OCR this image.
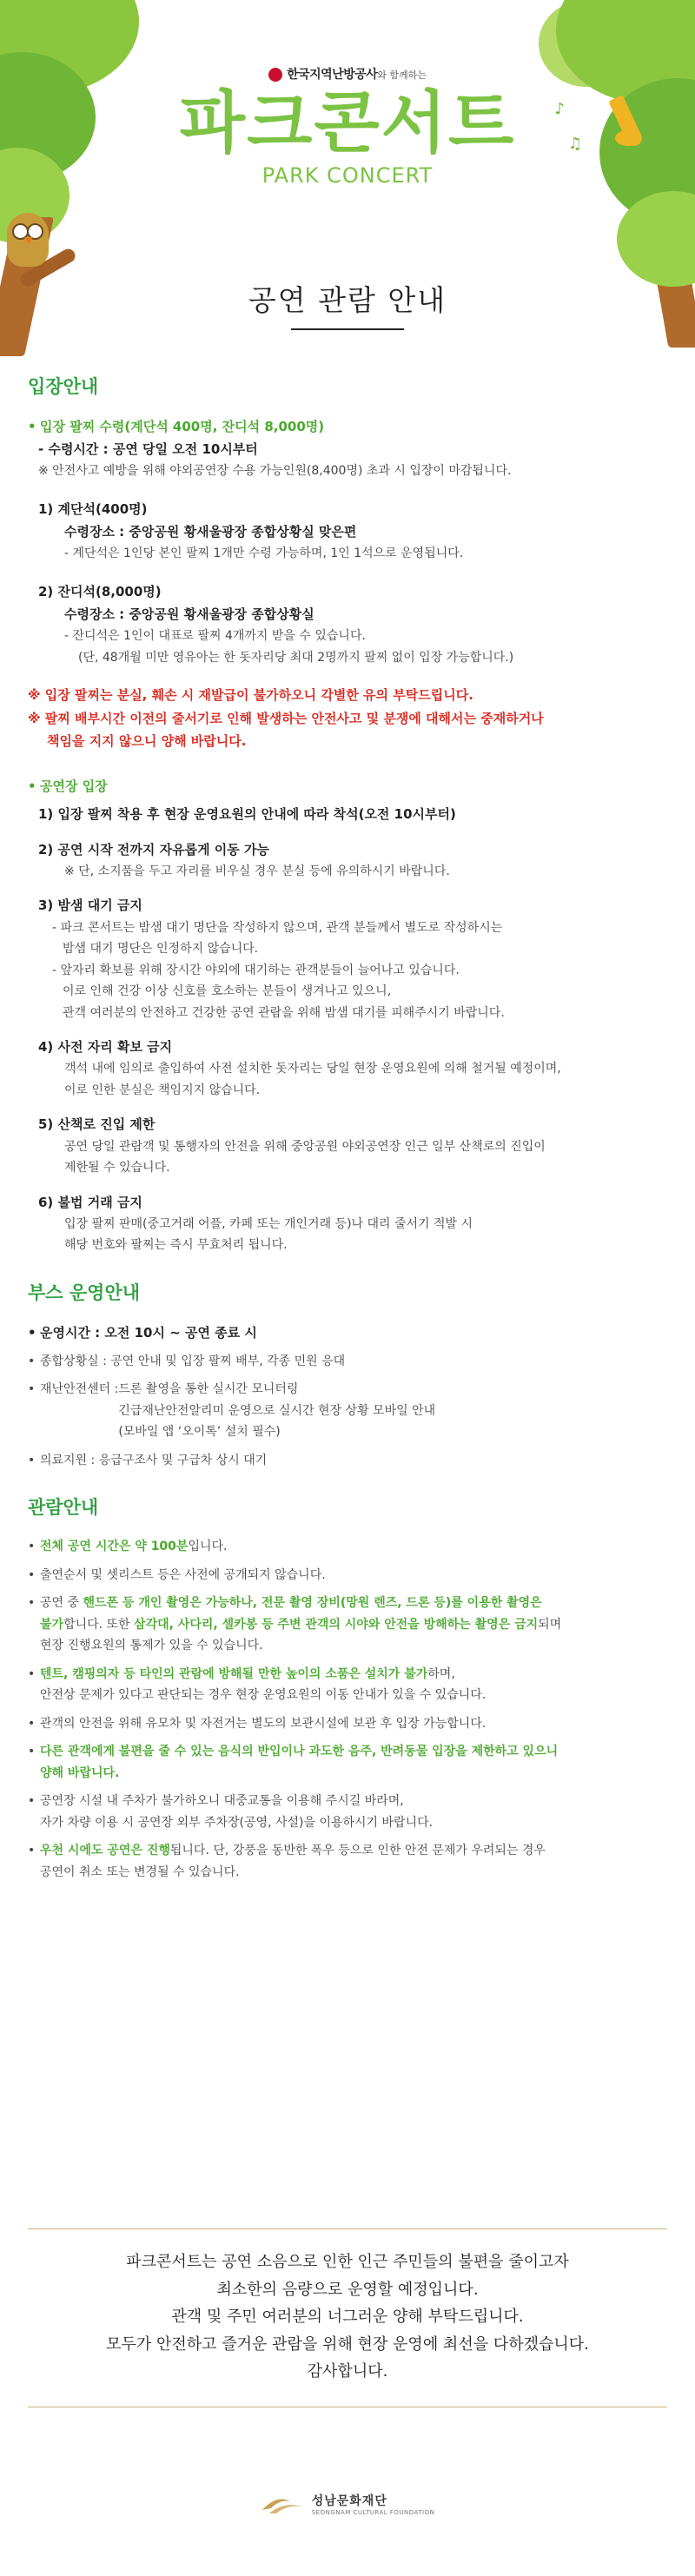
♪
♫
한국지역난방공사와 함께하는
파크콘서트
PARK CONCERT
공연 관람 안내
입장안내
• 입장 팔찌 수령(계단석 400명, 잔디석 8,000명)
- 수령시간 : 공연 당일 오전 10시부터
※ 안전사고 예방을 위해 야외공연장 수용 가능인원(8,400명) 초과 시 입장이 마감됩니다.
1) 계단석(400명)
수령장소 : 중앙공원 황새울광장 종합상황실 맞은편
- 계단석은 1인당 본인 팔찌 1개만 수령 가능하며, 1인 1석으로 운영됩니다.
2) 잔디석(8,000명)
수령장소 : 중앙공원 황새울광장 종합상황실
- 잔디석은 1인이 대표로 팔찌 4개까지 받을 수 있습니다.
(단, 48개월 미만 영유아는 한 돗자리당 최대 2명까지 팔찌 없이 입장 가능합니다.)
※ 입장 팔찌는 분실, 훼손 시 재발급이 불가하오니 각별한 유의 부탁드립니다.
※ 팔찌 배부시간 이전의 줄서기로 인해 발생하는 안전사고 및 분쟁에 대해서는 중재하거나
책임을 지지 않으니 양해 바랍니다.
• 공연장 입장
1) 입장 팔찌 착용 후 현장 운영요원의 안내에 따라 착석(오전 10시부터)
2) 공연 시작 전까지 자유롭게 이동 가능
※ 단, 소지품을 두고 자리를 비우실 경우 분실 등에 유의하시기 바랍니다.
3) 밤샘 대기 금지
- 파크 콘서트는 밤샘 대기 명단을 작성하지 않으며, 관객 분들께서 별도로 작성하시는
밤샘 대기 명단은 인정하지 않습니다.
- 앞자리 확보를 위해 장시간 야외에 대기하는 관객분들이 늘어나고 있습니다.
이로 인해 건강 이상 신호를 호소하는 분들이 생겨나고 있으니,
관객 여러분의 안전하고 건강한 공연 관람을 위해 밤샘 대기를 피해주시기 바랍니다.
4) 사전 자리 확보 금지
객석 내에 임의로 출입하여 사전 설치한 돗자리는 당일 현장 운영요원에 의해 철거될 예정이며,
이로 인한 분실은 책임지지 않습니다.
5) 산책로 진입 제한
공연 당일 관람객 및 통행자의 안전을 위해 중앙공원 야외공연장 인근 일부 산책로의 진입이
제한될 수 있습니다.
6) 불법 거래 금지
입장 팔찌 판매(중고거래 어플, 카페 또는 개인거래 등)나 대리 줄서기 적발 시
해당 번호와 팔찌는 즉시 무효처리 됩니다.
부스 운영안내
• 운영시간 : 오전 10시 ~ 공연 종료 시
• 종합상황실 : 공연 안내 및 입장 팔찌 배부, 각종 민원 응대
• 재난안전센터 : 드론 촬영을 통한 실시간 모니터링
긴급재난안전알리미 운영으로 실시간 현장 상황 모바일 안내
(모바일 앱 ‘오이톡’ 설치 필수)
• 의료지원 : 응급구조사 및 구급차 상시 대기
관람안내
• 전체 공연 시간은 약 100분입니다.
• 출연순서 및 셋리스트 등은 사전에 공개되지 않습니다.
• 공연 중 핸드폰 등 개인 촬영은 가능하나, 전문 촬영 장비(망원 렌즈, 드론 등)를 이용한 촬영은
불가합니다. 또한 삼각대, 사다리, 셀카봉 등 주변 관객의 시야와 안전을 방해하는 촬영은 금지되며
현장 진행요원의 통제가 있을 수 있습니다.
• 텐트, 캠핑의자 등 타인의 관람에 방해될 만한 높이의 소품은 설치가 불가하며,
안전상 문제가 있다고 판단되는 경우 현장 운영요원의 이동 안내가 있을 수 있습니다.
• 관객의 안전을 위해 유모차 및 자전거는 별도의 보관시설에 보관 후 입장 가능합니다.
• 다른 관객에게 불편을 줄 수 있는 음식의 반입이나 과도한 음주, 반려동물 입장을 제한하고 있으니
양해 바랍니다.
• 공연장 시설 내 주차가 불가하오니 대중교통을 이용해 주시길 바라며,
자가 차량 이용 시 공연장 외부 주차장(공영, 사설)을 이용하시기 바랍니다.
• 우천 시에도 공연은 진행됩니다. 단, 강풍을 동반한 폭우 등으로 인한 안전 문제가 우려되는 경우
공연이 취소 또는 변경될 수 있습니다.
파크콘서트는 공연 소음으로 인한 인근 주민들의 불편을 줄이고자
최소한의 음량으로 운영할 예정입니다.
관객 및 주민 여러분의 너그러운 양해 부탁드립니다.
모두가 안전하고 즐거운 관람을 위해 현장 운영에 최선을 다하겠습니다.
감사합니다.

성남문화재단
SEONGNAM CULTURAL FOUNDATION
